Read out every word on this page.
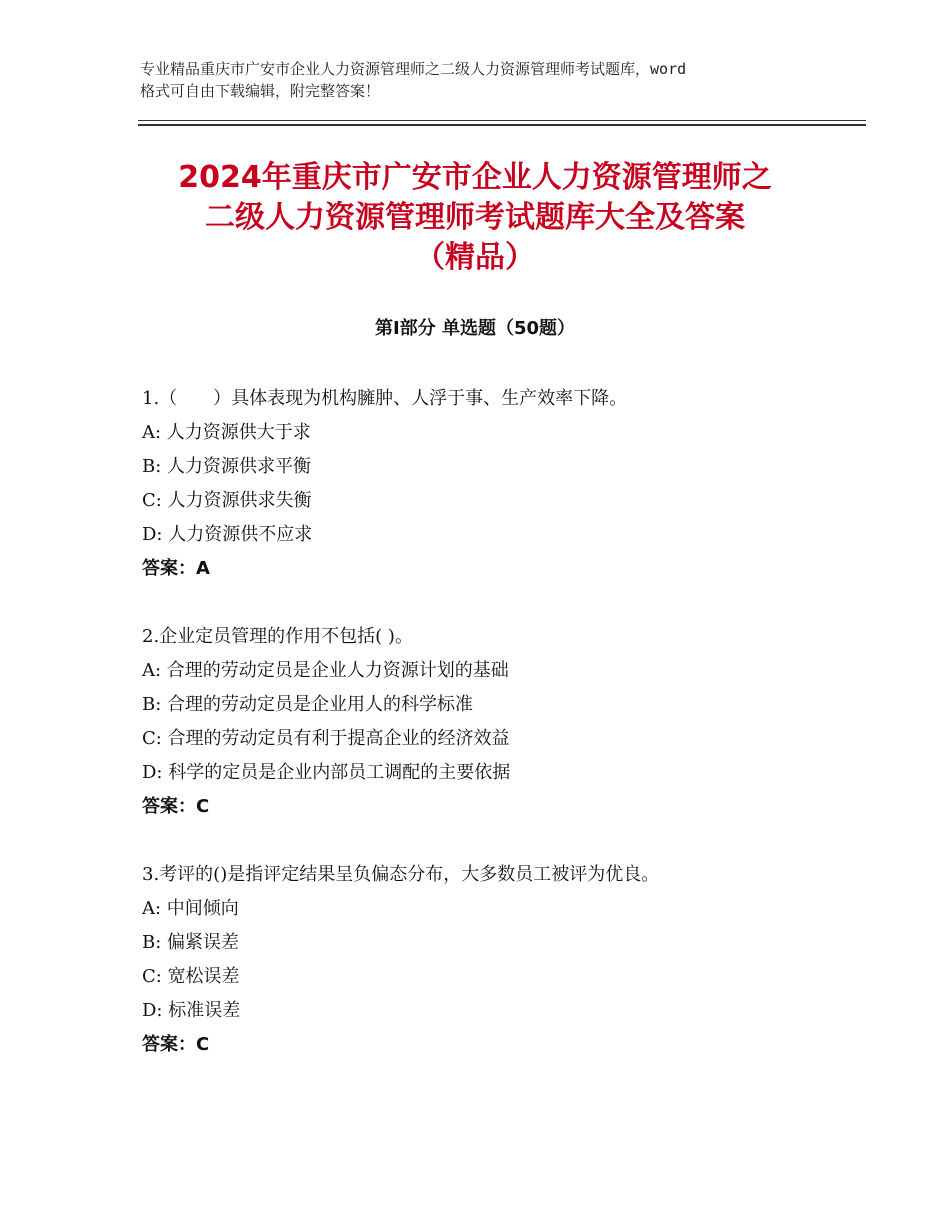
专业精品重庆市广安市企业人力资源管理师之二级人力资源管理师考试题库，word
格式可自由下载编辑，附完整答案！
2024年重庆市广安市企业人力资源管理师之
二级人力资源管理师考试题库大全及答案
（精品）
第Ⅰ部分 单选题（50题）
1.（　　）具体表现为机构臃肿、人浮于事、生产效率下降。
A: 人力资源供大于求
B: 人力资源供求平衡
C: 人力资源供求失衡
D: 人力资源供不应求
答案：A
2.企业定员管理的作用不包括( )。
A: 合理的劳动定员是企业人力资源计划的基础
B: 合理的劳动定员是企业用人的科学标准
C: 合理的劳动定员有利于提高企业的经济效益
D: 科学的定员是企业内部员工调配的主要依据
答案：C
3.考评的()是指评定结果呈负偏态分布，大多数员工被评为优良。
A: 中间倾向
B: 偏紧误差
C: 宽松误差
D: 标准误差
答案：C
